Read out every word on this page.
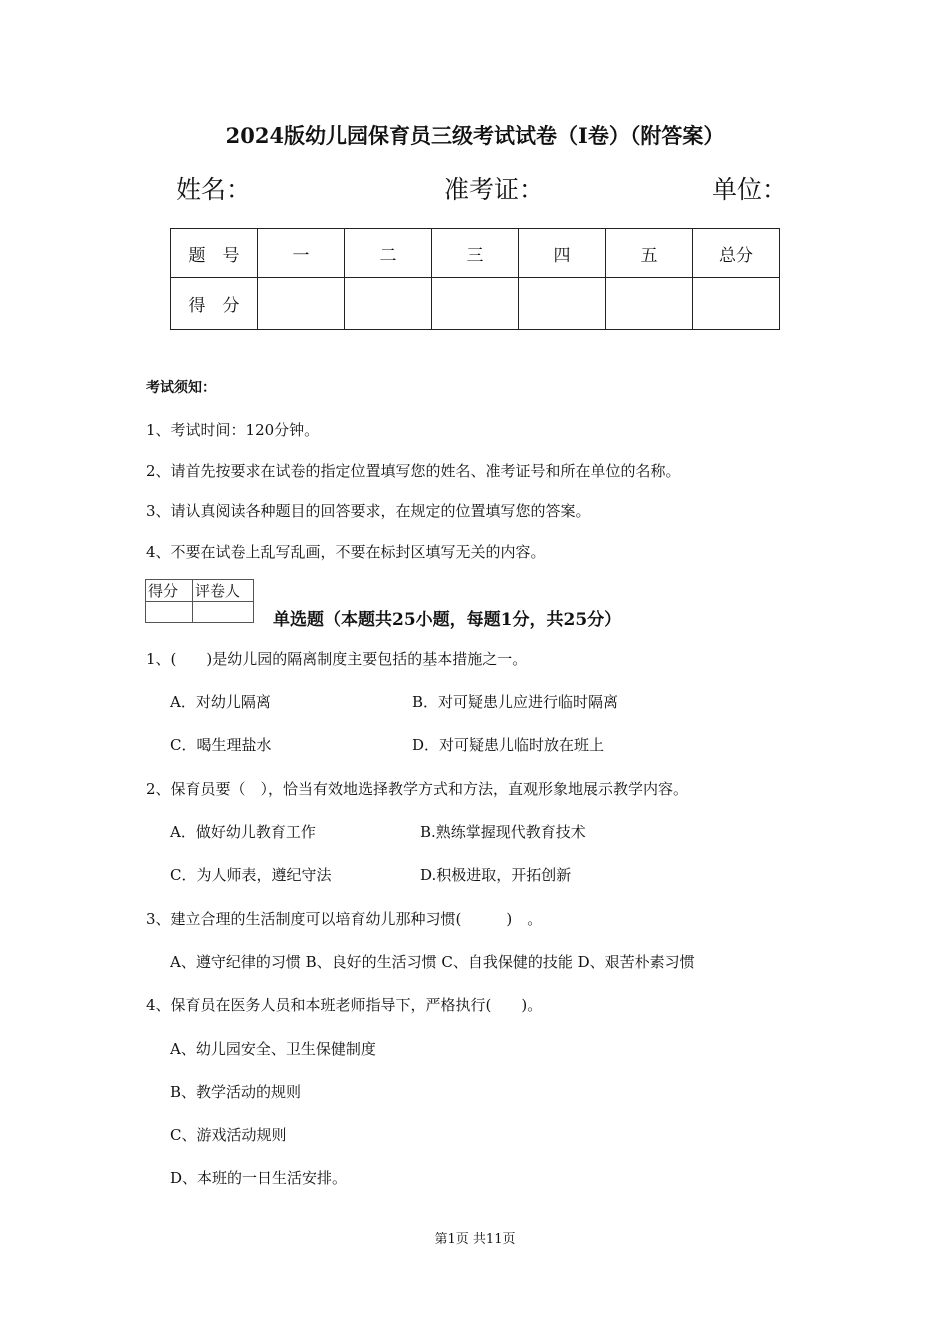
2024版幼儿园保育员三级考试试卷（I卷）（附答案）
姓名：	准考证：	单位：
题　号	一	二	三	四	五	总分
得　分						
考试须知：
1、考试时间：120分钟。
2、请首先按要求在试卷的指定位置填写您的姓名、准考证号和所在单位的名称。
3、请认真阅读各种题目的回答要求，在规定的位置填写您的答案。
4、不要在试卷上乱写乱画，不要在标封区填写无关的内容。
得分	评卷人

单选题（本题共25小题，每题1分，共25分）
1、(　　)是幼儿园的隔离制度主要包括的基本措施之一。
A．对幼儿隔离	B．对可疑患儿应进行临时隔离
C．喝生理盐水	D．对可疑患儿临时放在班上
2、保育员要（　），恰当有效地选择教学方式和方法，直观形象地展示教学内容。
A．做好幼儿教育工作	B.熟练掌握现代教育技术
C．为人师表，遵纪守法	D.积极进取，开拓创新
3、建立合理的生活制度可以培育幼儿那种习惯(　　　)　。
A、遵守纪律的习惯 B、良好的生活习惯 C、自我保健的技能 D、艰苦朴素习惯
4、保育员在医务人员和本班老师指导下，严格执行(　　)。
A、幼儿园安全、卫生保健制度
B、教学活动的规则
C、游戏活动规则
D、本班的一日生活安排。
第1页 共11页
